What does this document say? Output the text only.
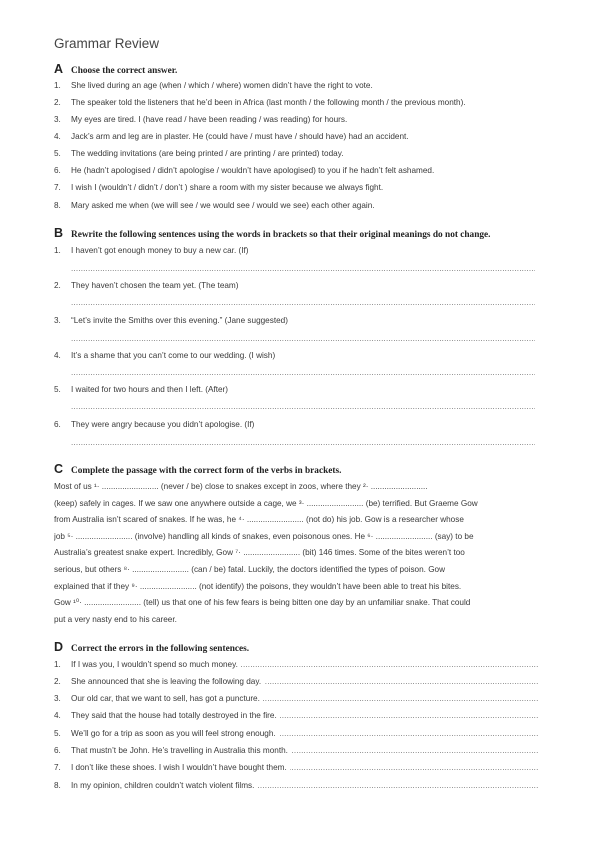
Grammar Review
A Choose the correct answer.
1. She lived during an age (when / which / where) women didn’t have the right to vote.
2. The speaker told the listeners that he’d been in Africa (last month / the following month / the previous month).
3. My eyes are tired. I (have read / have been reading / was reading) for hours.
4. Jack’s arm and leg are in plaster. He (could have / must have / should have) had an accident.
5. The wedding invitations (are being printed / are printing / are printed) today.
6. He (hadn’t apologised / didn’t apologise / wouldn’t have apologised) to you if he hadn’t felt ashamed.
7. I wish I (wouldn’t / didn’t / don’t ) share a room with my sister because we always fight.
8. Mary asked me when (we will see / we would see / would we see) each other again.
B Rewrite the following sentences using the words in brackets so that their original meanings do not change.
1. I haven’t got enough money to buy a new car. (If)
.....
2. They haven’t chosen the team yet. (The team)
.....
3. “Let’s invite the Smiths over this evening.” (Jane suggested)
.....
4. It’s a shame that you can’t come to our wedding. (I wish)
.....
5. I waited for two hours and then I left. (After)
.....
6. They were angry because you didn’t apologise. (If)
.....
C Complete the passage with the correct form of the verbs in brackets.
Most of us ¹· ......................... (never / be) close to snakes except in zoos, where they ²· .........................
(keep) safely in cages. If we saw one anywhere outside a cage, we ³· ......................... (be) terrified. But Graeme Gow
from Australia isn’t scared of snakes. If he was, he ⁴· ......................... (not do) his job. Gow is a researcher whose
job ⁵· ......................... (involve) handling all kinds of snakes, even poisonous ones. He ⁶· ......................... (say) to be
Australia’s greatest snake expert. Incredibly, Gow ⁷· ......................... (bit) 146 times. Some of the bites weren’t too
serious, but others ⁸· ......................... (can / be) fatal. Luckily, the doctors identified the types of poison. Gow
explained that if they ⁹· ......................... (not identify) the poisons, they wouldn’t have been able to treat his bites.
Gow ¹⁰· ......................... (tell) us that one of his few fears is being bitten one day by an unfamiliar snake. That could
put a very nasty end to his career.
D Correct the errors in the following sentences.
.....
1. If I was you, I wouldn’t spend so much money.
.....
2. She announced that she is leaving the following day.
.....
3. Our old car, that we want to sell, has got a puncture.
.....
4. They said that the house had totally destroyed in the fire.
.....
5. We’ll go for a trip as soon as you will feel strong enough.
.....
6. That mustn’t be John. He’s travelling in Australia this month.
.....
7. I don’t like these shoes. I wish I wouldn’t have bought them.
.....
8. In my opinion, children couldn’t watch violent films.
